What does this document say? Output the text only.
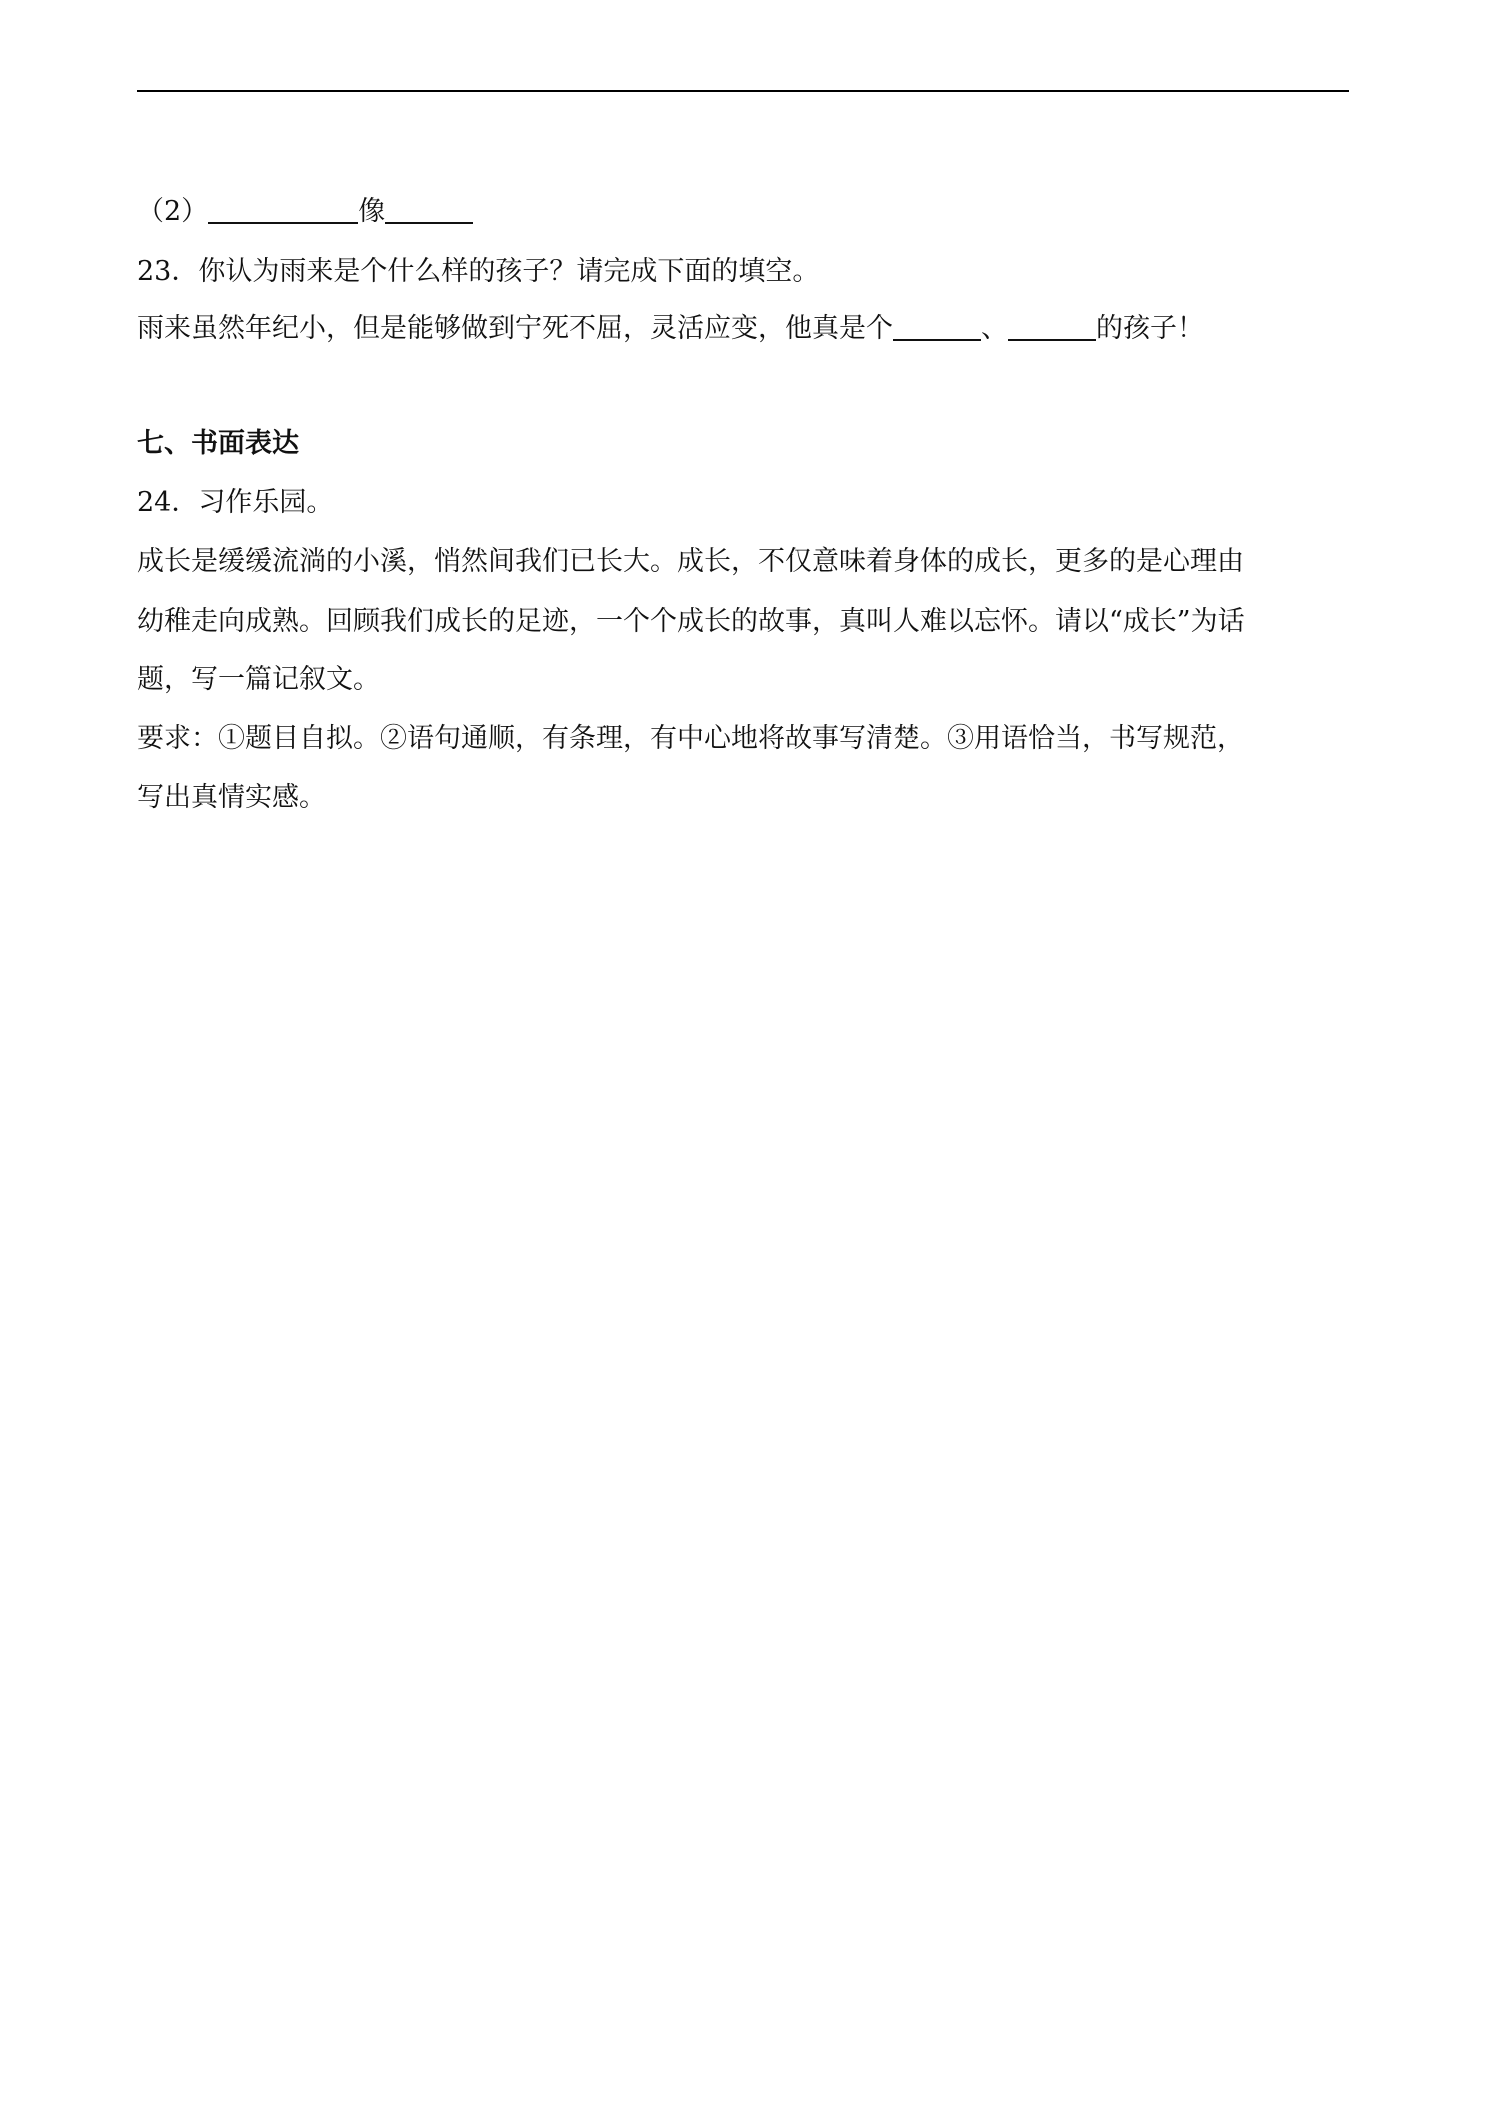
（2）	像
23．你认为雨来是个什么样的孩子？请完成下面的填空。
雨来虽然年纪小，但是能够做到宁死不屈，灵活应变，他真是个	、	的孩子！
七、书面表达
24．习作乐园。
成长是缓缓流淌的小溪，悄然间我们已长大。成长，不仅意味着身体的成长，更多的是心理由
幼稚走向成熟。回顾我们成长的足迹，一个个成长的故事，真叫人难以忘怀。请以“成长”为话
题，写一篇记叙文。
要求：①题目自拟。②语句通顺，有条理，有中心地将故事写清楚。③用语恰当，书写规范，
写出真情实感。
